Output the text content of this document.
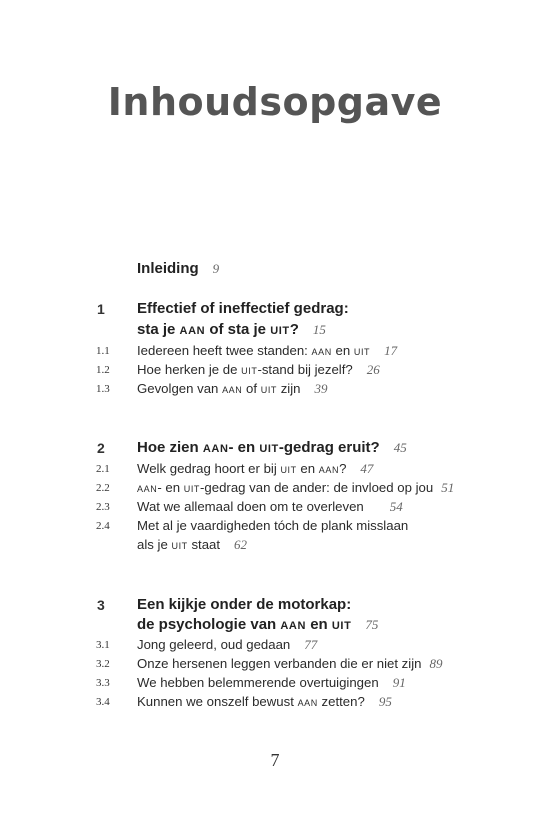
Inhoudsopgave
Inleiding 9
1 Effectief of ineffectief gedrag:
sta je aan of sta je uit? 15
1.1 Iedereen heeft twee standen: aan en uit 17
1.2 Hoe herken je de uit-stand bij jezelf? 26
1.3 Gevolgen van aan of uit zijn 39
2 Hoe zien aan- en uit-gedrag eruit? 45
2.1 Welk gedrag hoort er bij uit en aan? 47
2.2 aan- en uit-gedrag van de ander: de invloed op jou 51
2.3 Wat we allemaal doen om te overleven 54
2.4 Met al je vaardigheden tóch de plank misslaan
als je uit staat 62
3 Een kijkje onder de motorkap:
de psychologie van aan en uit 75
3.1 Jong geleerd, oud gedaan 77
3.2 Onze hersenen leggen verbanden die er niet zijn 89
3.3 We hebben belemmerende overtuigingen 91
3.4 Kunnen we onszelf bewust aan zetten? 95
7
